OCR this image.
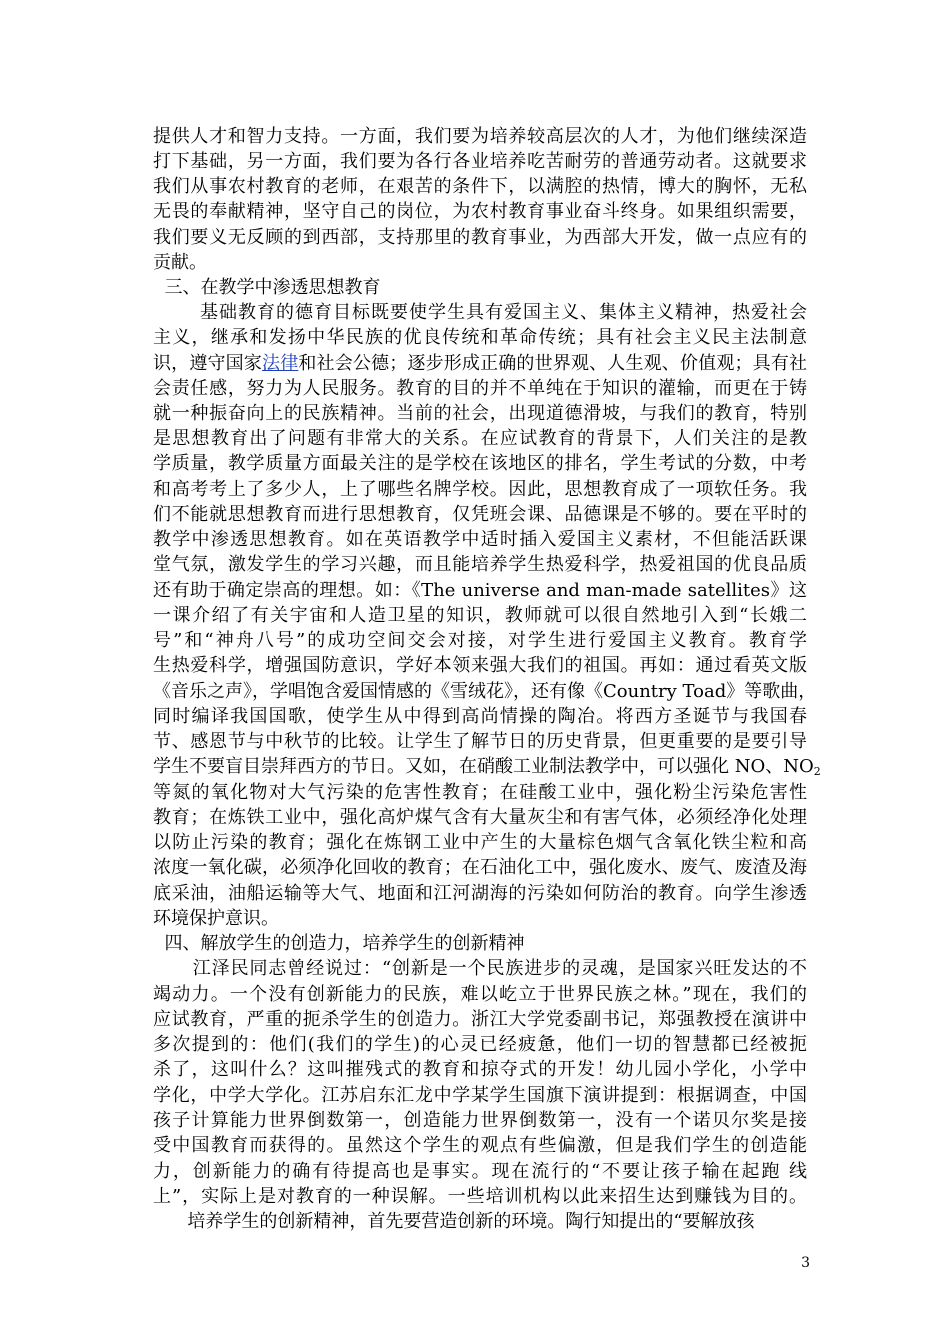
提供人才和智力支持。一方面，我们要为培养较高层次的人才，为他们继续深造
打下基础，另一方面，我们要为各行各业培养吃苦耐劳的普通劳动者。这就要求
我们从事农村教育的老师，在艰苦的条件下，以满腔的热情，博大的胸怀，无私
无畏的奉献精神，坚守自己的岗位，为农村教育事业奋斗终身。如果组织需要，
我们要义无反顾的到西部，支持那里的教育事业，为西部大开发，做一点应有的
贡献。
三、在教学中渗透思想教育
基础教育的德育目标既要使学生具有爱国主义、集体主义精神，热爱社会
主义，继承和发扬中华民族的优良传统和革命传统；具有社会主义民主法制意
识，遵守国家法律和社会公德；逐步形成正确的世界观、人生观、价值观；具有社
会责任感，努力为人民服务。教育的目的并不单纯在于知识的灌输，而更在于铸
就一种振奋向上的民族精神。当前的社会，出现道德滑坡，与我们的教育，特别
是思想教育出了问题有非常大的关系。在应试教育的背景下，人们关注的是教
学质量，教学质量方面最关注的是学校在该地区的排名，学生考试的分数，中考
和高考考上了多少人，上了哪些名牌学校。因此，思想教育成了一项软任务。我
们不能就思想教育而进行思想教育，仅凭班会课、品德课是不够的。要在平时的
教学中渗透思想教育。如在英语教学中适时插入爱国主义素材，不但能活跃课
堂气氛，激发学生的学习兴趣，而且能培养学生热爱科学，热爱祖国的优良品质
还有助于确定崇高的理想。如：《The universe and man-made satellites》这
一课介绍了有关宇宙和人造卫星的知识，教师就可以很自然地引入到“长娥二
号”和“神舟八号”的成功空间交会对接，对学生进行爱国主义教育。教育学
生热爱科学，增强国防意识，学好本领来强大我们的祖国。再如：通过看英文版
《音乐之声》，学唱饱含爱国情感的《雪绒花》，还有像《Country Toad》等歌曲，
同时编译我国国歌，使学生从中得到高尚情操的陶冶。将西方圣诞节与我国春
节、感恩节与中秋节的比较。让学生了解节日的历史背景，但更重要的是要引导
学生不要盲目崇拜西方的节日。又如，在硝酸工业制法教学中，可以强化 NO、$NO_2$
等氮的氧化物对大气污染的危害性教育；在硅酸工业中，强化粉尘污染危害性
教育；在炼铁工业中，强化高炉煤气含有大量灰尘和有害气体，必须经净化处理
以防止污染的教育；强化在炼钢工业中产生的大量棕色烟气含氧化铁尘粒和高
浓度一氧化碳，必须净化回收的教育；在石油化工中，强化废水、废气、废渣及海
底采油，油船运输等大气、地面和江河湖海的污染如何防治的教育。向学生渗透
环境保护意识。
四、解放学生的创造力，培养学生的创新精神
江泽民同志曾经说过：“创新是一个民族进步的灵魂，是国家兴旺发达的不
竭动力。一个没有创新能力的民族，难以屹立于世界民族之林。”现在，我们的
应试教育，严重的扼杀学生的创造力。浙江大学党委副书记，郑强教授在演讲中
多次提到的：他们(我们的学生)的心灵已经疲惫，他们一切的智慧都已经被扼
杀了，这叫什么？这叫摧残式的教育和掠夺式的开发！幼儿园小学化，小学中
学化，中学大学化。江苏启东汇龙中学某学生国旗下演讲提到：根据调查，中国
孩子计算能力世界倒数第一，创造能力世界倒数第一，没有一个诺贝尔奖是接
受中国教育而获得的。虽然这个学生的观点有些偏激，但是我们学生的创造能
力，创新能力的确有待提高也是事实。现在流行的“不要让孩子输在起跑 线
上”，实际上是对教育的一种误解。一些培训机构以此来招生达到赚钱为目的。
培养学生的创新精神，首先要营造创新的环境。陶行知提出的“要解放孩
3
